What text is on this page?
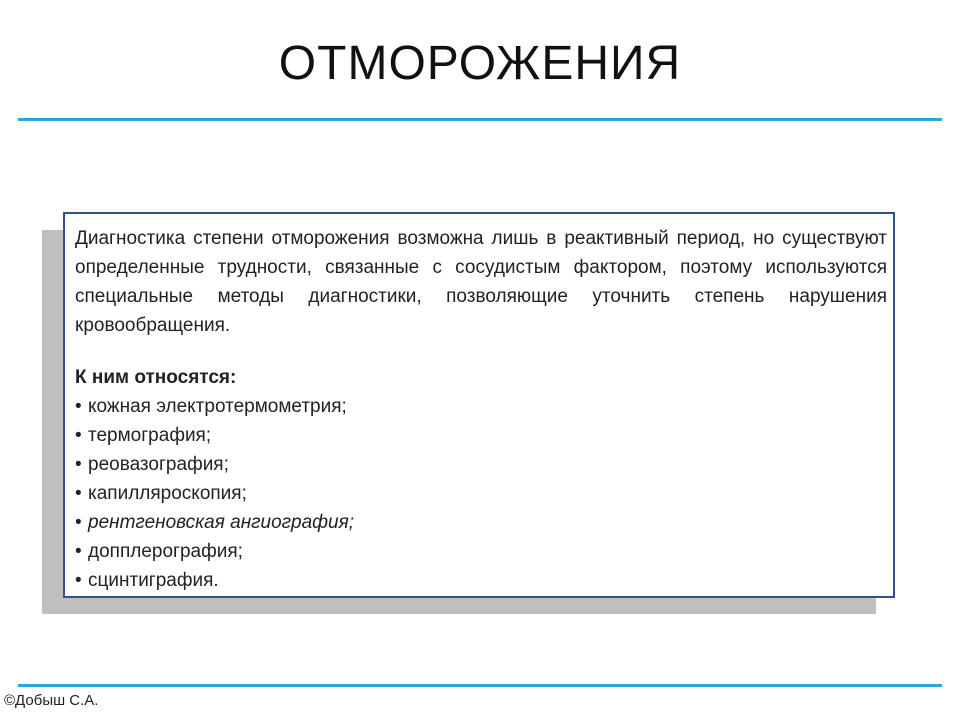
ОТМОРОЖЕНИЯ

Диагностика степени отморожения возможна лишь в реактивный период, но существуют определенные трудности, связанные с сосудистым фактором, поэтому используются специальные методы диагностики, позволяющие уточнить степень нарушения кровообращения.

К ним относятся:
• кожная электротермометрия;
• термография;
• реовазография;
• капилляроскопия;
• рентгеновская ангиография;
• допплерография;
• сцинтиграфия.
©Добыш С.А.
